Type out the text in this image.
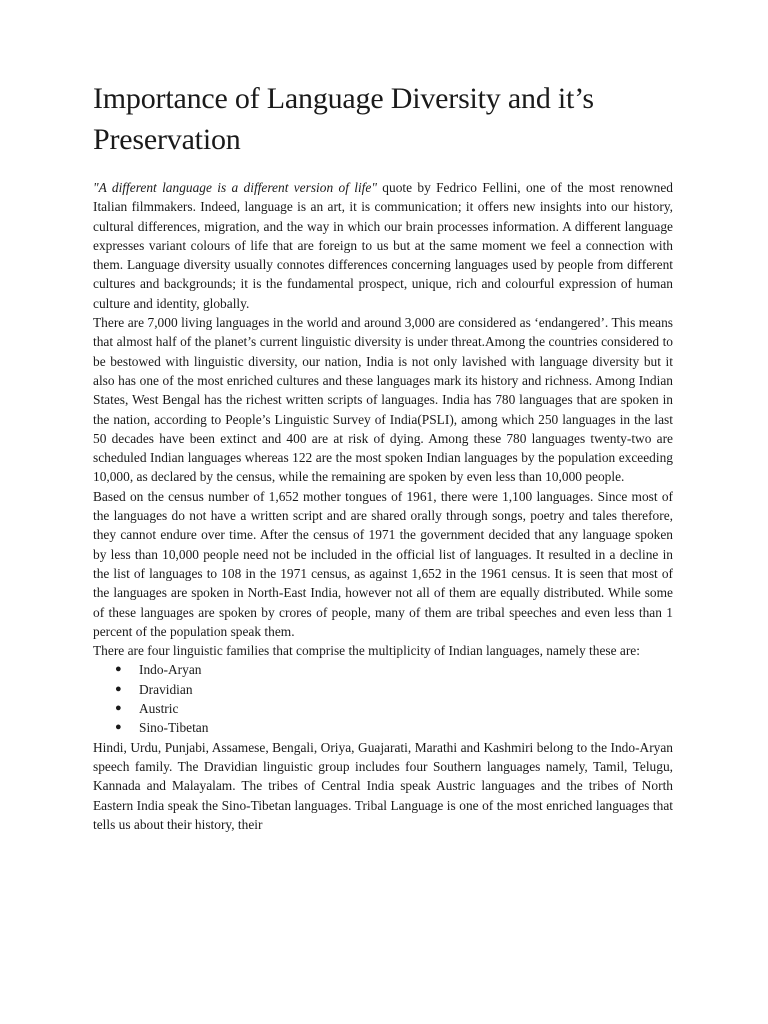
Importance of Language Diversity and it’s Preservation

"A different language is a different version of life" quote by Fedrico Fellini, one of the most renowned Italian filmmakers. Indeed, language is an art, it is communication; it offers new insights into our history, cultural differences, migration, and the way in which our brain processes information. A different language expresses variant colours of life that are foreign to us but at the same moment we feel a connection with them. Language diversity usually connotes differences concerning languages used by people from different cultures and backgrounds; it is the fundamental prospect, unique, rich and colourful expression of human culture and identity, globally.

There are 7,000 living languages in the world and around 3,000 are considered as ‘endangered’. This means that almost half of the planet’s current linguistic diversity is under threat.Among the countries considered to be bestowed with linguistic diversity, our nation, India is not only lavished with language diversity but it also has one of the most enriched cultures and these languages mark its history and richness. Among Indian States, West Bengal has the richest written scripts of languages. India has 780 languages that are spoken in the nation, according to People’s Linguistic Survey of India(PSLI), among which 250 languages in the last 50 decades have been extinct and 400 are at risk of dying. Among these 780 languages twenty-two are scheduled Indian languages whereas 122 are the most spoken Indian languages by the population exceeding 10,000, as declared by the census, while the remaining are spoken by even less than 10,000 people.

Based on the census number of 1,652 mother tongues of 1961, there were 1,100 languages. Since most of the languages do not have a written script and are shared orally through songs, poetry and tales therefore, they cannot endure over time. After the census of 1971 the government decided that any language spoken by less than 10,000 people need not be included in the official list of languages. It resulted in a decline in the list of languages to 108 in the 1971 census, as against 1,652 in the 1961 census. It is seen that most of the languages are spoken in North-East India, however not all of them are equally distributed. While some of these languages are spoken by crores of people, many of them are tribal speeches and even less than 1 percent of the population speak them.

There are four linguistic families that comprise the multiplicity of Indian languages, namely these are:

● Indo-Aryan
● Dravidian
● Austric
● Sino-Tibetan

Hindi, Urdu, Punjabi, Assamese, Bengali, Oriya, Guajarati, Marathi and Kashmiri belong to the Indo-Aryan speech family. The Dravidian linguistic group includes four Southern languages namely, Tamil, Telugu, Kannada and Malayalam. The tribes of Central India speak Austric languages and the tribes of North Eastern India speak the Sino-Tibetan languages. Tribal Language is one of the most enriched languages that tells us about their history, their
